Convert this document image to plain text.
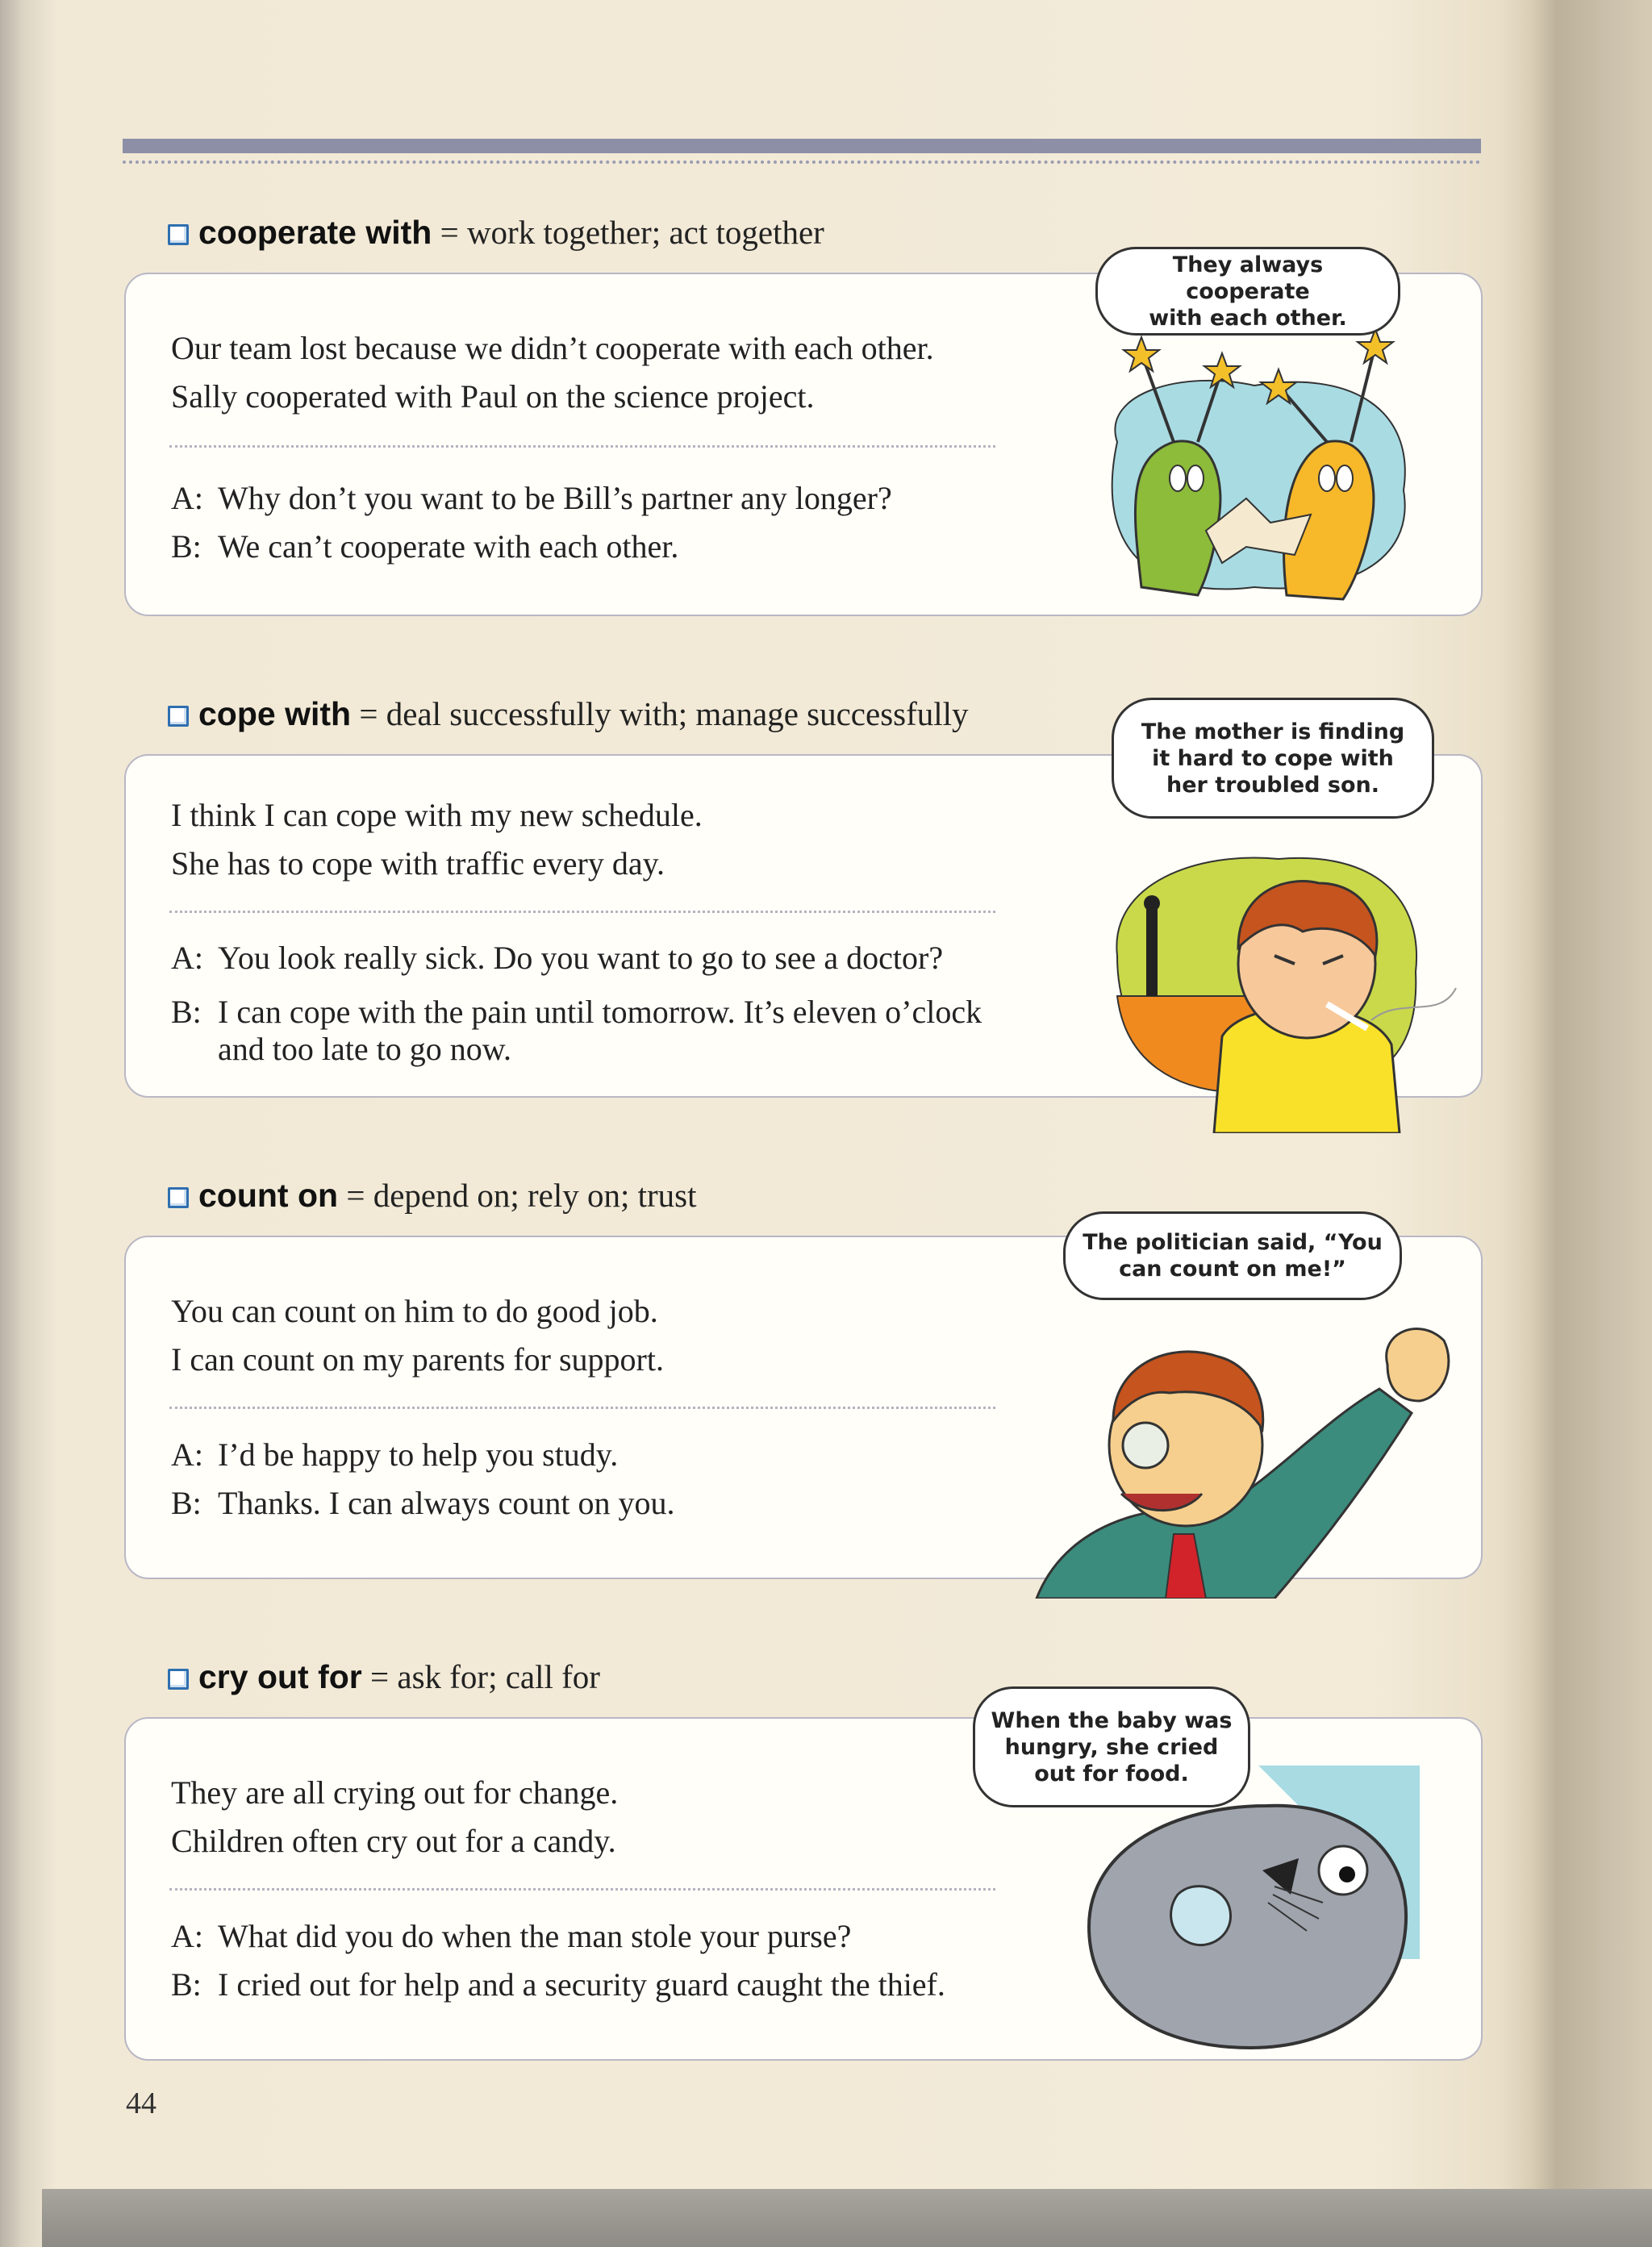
cooperate with = work together; act together
Our team lost because we didn’t cooperate with each other.
Sally cooperated with Paul on the science project.
A: Why don’t you want to be Bill’s partner any longer?
B: We can’t cooperate with each other.
They always cooperate
with each other.
cope with = deal successfully with; manage successfully
I think I can cope with my new schedule.
She has to cope with traffic every day.
A: You look really sick. Do you want to go to see a doctor?
B: I can cope with the pain until tomorrow. It’s eleven o’clock
and too late to go now.
The mother is finding
it hard to cope with
her troubled son.
count on = depend on; rely on; trust
You can count on him to do good job.
I can count on my parents for support.
A: I’d be happy to help you study.
B: Thanks. I can always count on you.
The politician said, “You
can count on me!”
cry out for = ask for; call for
They are all crying out for change.
Children often cry out for a candy.
A: What did you do when the man stole your purse?
B: I cried out for help and a security guard caught the thief.
When the baby was
hungry, she cried
out for food.
44
